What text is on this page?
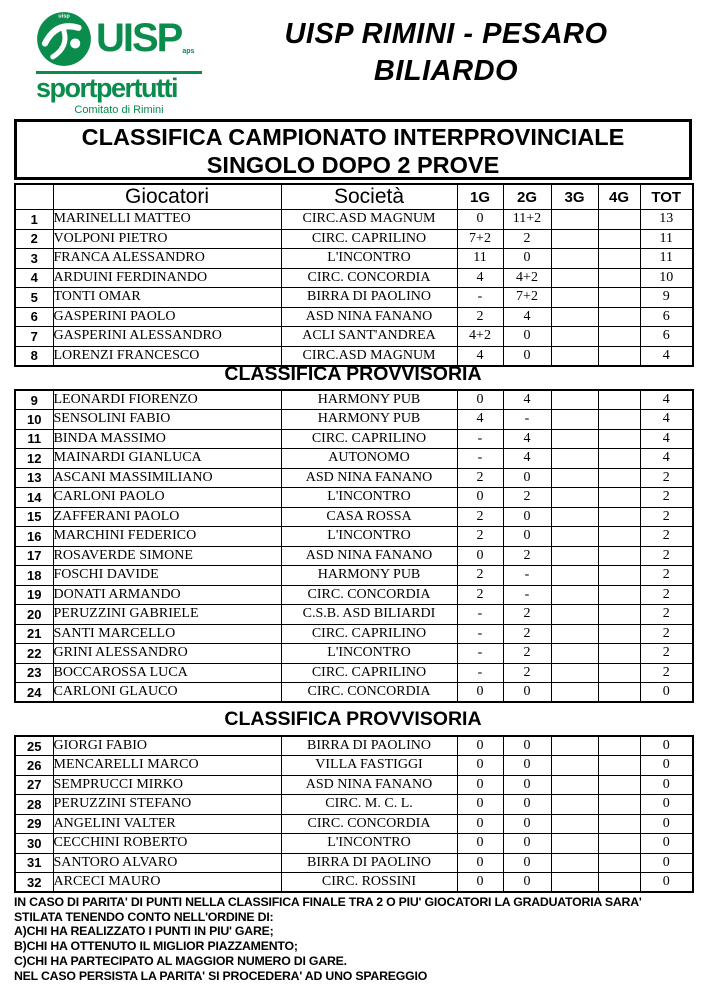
uisp UISP aps
sportpertutti
Comitato di Rimini
UISP RIMINI - PESARO
BILIARDO
CLASSIFICA CAMPIONATO INTERPROVINCIALE
SINGOLO DOPO 2 PROVE
	Giocatori	Società	1G	2G	3G	4G	TOT
1	MARINELLI MATTEO	CIRC.ASD MAGNUM	0	11+2			13
2	VOLPONI PIETRO	CIRC. CAPRILINO	7+2	2			11
3	FRANCA ALESSANDRO	L'INCONTRO	11	0			11
4	ARDUINI FERDINANDO	CIRC. CONCORDIA	4	4+2			10
5	TONTI OMAR	BIRRA DI PAOLINO	-	7+2			9
6	GASPERINI PAOLO	ASD NINA FANANO	2	4			6
7	GASPERINI ALESSANDRO	ACLI SANT'ANDREA	4+2	0			6
8	LORENZI FRANCESCO	CIRC.ASD MAGNUM	4	0			4
CLASSIFICA PROVVISORIA
9	LEONARDI FIORENZO	HARMONY PUB	0	4			4
10	SENSOLINI FABIO	HARMONY PUB	4	-			4
11	BINDA MASSIMO	CIRC. CAPRILINO	-	4			4
12	MAINARDI GIANLUCA	AUTONOMO	-	4			4
13	ASCANI MASSIMILIANO	ASD NINA FANANO	2	0			2
14	CARLONI PAOLO	L'INCONTRO	0	2			2
15	ZAFFERANI PAOLO	CASA ROSSA	2	0			2
16	MARCHINI FEDERICO	L'INCONTRO	2	0			2
17	ROSAVERDE SIMONE	ASD NINA FANANO	0	2			2
18	FOSCHI DAVIDE	HARMONY PUB	2	-			2
19	DONATI ARMANDO	CIRC. CONCORDIA	2	-			2
20	PERUZZINI GABRIELE	C.S.B. ASD BILIARDI	-	2			2
21	SANTI MARCELLO	CIRC. CAPRILINO	-	2			2
22	GRINI ALESSANDRO	L'INCONTRO	-	2			2
23	BOCCAROSSA LUCA	CIRC. CAPRILINO	-	2			2
24	CARLONI GLAUCO	CIRC. CONCORDIA	0	0			0
CLASSIFICA PROVVISORIA
25	GIORGI FABIO	BIRRA DI PAOLINO	0	0			0
26	MENCARELLI MARCO	VILLA FASTIGGI	0	0			0
27	SEMPRUCCI MIRKO	ASD NINA FANANO	0	0			0
28	PERUZZINI STEFANO	CIRC. M. C. L.	0	0			0
29	ANGELINI VALTER	CIRC. CONCORDIA	0	0			0
30	CECCHINI ROBERTO	L'INCONTRO	0	0			0
31	SANTORO ALVARO	BIRRA DI PAOLINO	0	0			0
32	ARCECI MAURO	CIRC. ROSSINI	0	0			0
IN CASO DI PARITA' DI PUNTI NELLA CLASSIFICA FINALE TRA 2 O PIU' GIOCATORI LA GRADUATORIA SARA'
STILATA TENENDO CONTO NELL'ORDINE DI:
A)CHI HA REALIZZATO I PUNTI IN PIU' GARE;
B)CHI HA OTTENUTO IL MIGLIOR PIAZZAMENTO;
C)CHI HA PARTECIPATO AL MAGGIOR NUMERO DI GARE.
NEL CASO PERSISTA LA PARITA' SI PROCEDERA' AD UNO SPAREGGIO
